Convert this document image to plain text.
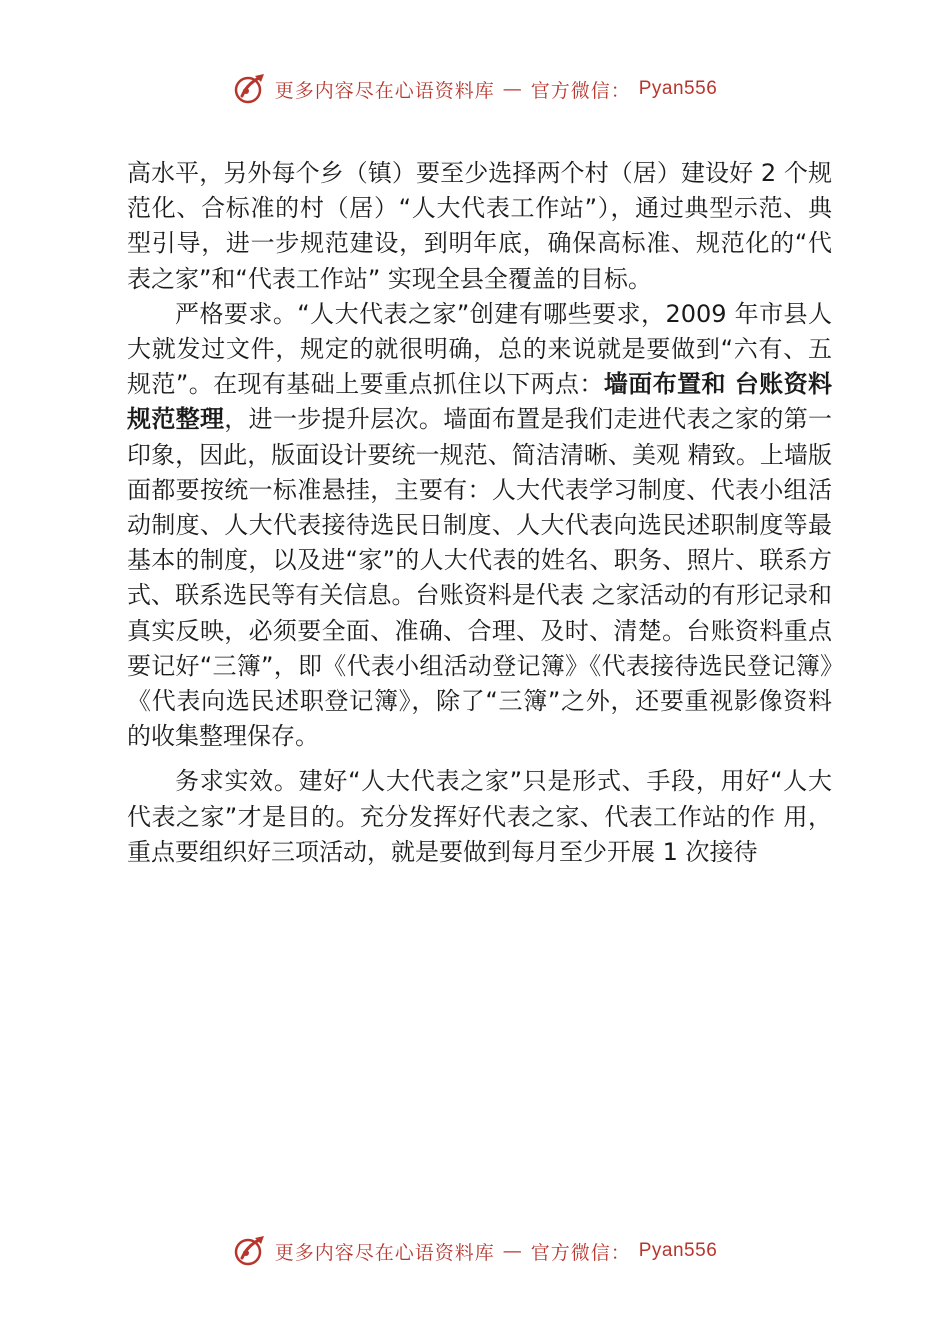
更多内容尽在心语资料库 — 官方微信： Pyan556

高水平，另外每个乡（镇）要至少选择两个村（居）建设好 2 个规范化、合标准的村（居）“人大代表工作站”），通过典型示范、典型引导，进一步规范建设，到明年底，确保高标准、规范化的“代表之家”和“代表工作站” 实现全县全覆盖的目标。

严格要求。“人大代表之家”创建有哪些要求，2009 年市县人大就发过文件，规定的就很明确，总的来说就是要做到“六有、五规范”。在现有基础上要重点抓住以下两点：墙面布置和 台账资料规范整理，进一步提升层次。墙面布置是我们走进代表之家的第一印象，因此，版面设计要统一规范、简洁清晰、美观 精致。上墙版面都要按统一标准悬挂，主要有：人大代表学习制度、代表小组活动制度、人大代表接待选民日制度、人大代表向选民述职制度等最基本的制度，以及进“家”的人大代表的姓名、职务、照片、联系方式、联系选民等有关信息。台账资料是代表 之家活动的有形记录和真实反映，必须要全面、准确、合理、及时、清楚。台账资料重点要记好“三簿”，即《代表小组活动登记簿》《代表接待选民登记簿》《代表向选民述职登记簿》，除了“三簿”之外，还要重视影像资料的收集整理保存。

务求实效。建好“人大代表之家”只是形式、手段，用好“人大代表之家”才是目的。充分发挥好代表之家、代表工作站的作 用，重点要组织好三项活动，就是要做到每月至少开展 1 次接待

更多内容尽在心语资料库 — 官方微信： Pyan556
